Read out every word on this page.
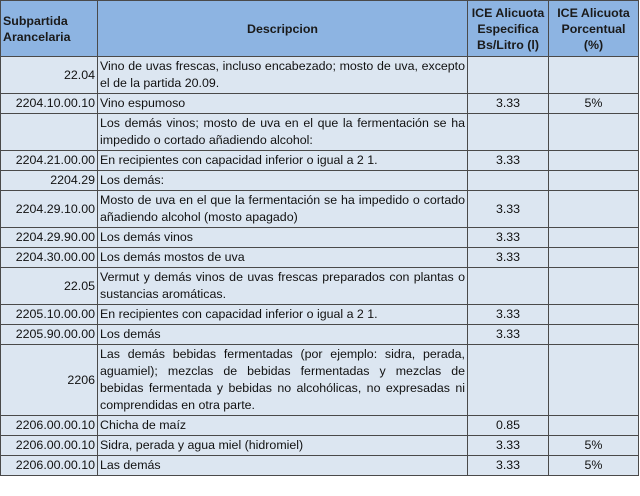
Subpartida Arancelaria	Descripcion	ICE Alicuota Especifica Bs/Litro (l)	ICE Alicuota Porcentual (%)
22.04	Vino de uvas frescas, incluso encabezado; mosto de uva, excepto el de la partida 20.09.		
2204.10.00.10	Vino espumoso	3.33	5%
	Los demás vinos; mosto de uva en el que la fermentación se ha impedido o cortado añadiendo alcohol:		
2204.21.00.00	En recipientes con capacidad inferior o igual a 2 1.	3.33	
2204.29	Los demás:		
2204.29.10.00	Mosto de uva en el que la fermentación se ha impedido o cortado añadiendo alcohol (mosto apagado)	3.33	
2204.29.90.00	Los demás vinos	3.33	
2204.30.00.00	Los demás mostos de uva	3.33	
22.05	Vermut y demás vinos de uvas frescas preparados con plantas o sustancias aromáticas.		
2205.10.00.00	En recipientes con capacidad inferior o igual a 2 1.	3.33	
2205.90.00.00	Los demás	3.33	
2206	Las demás bebidas fermentadas (por ejemplo: sidra, perada, aguamiel); mezclas de bebidas fermentadas y mezclas de bebidas fermentada y bebidas no alcohólicas, no expresadas ni comprendidas en otra parte.		
2206.00.00.10	Chicha de maíz	0.85	
2206.00.00.10	Sidra, perada y agua miel (hidromiel)	3.33	5%
2206.00.00.10	Las demás	3.33	5%
